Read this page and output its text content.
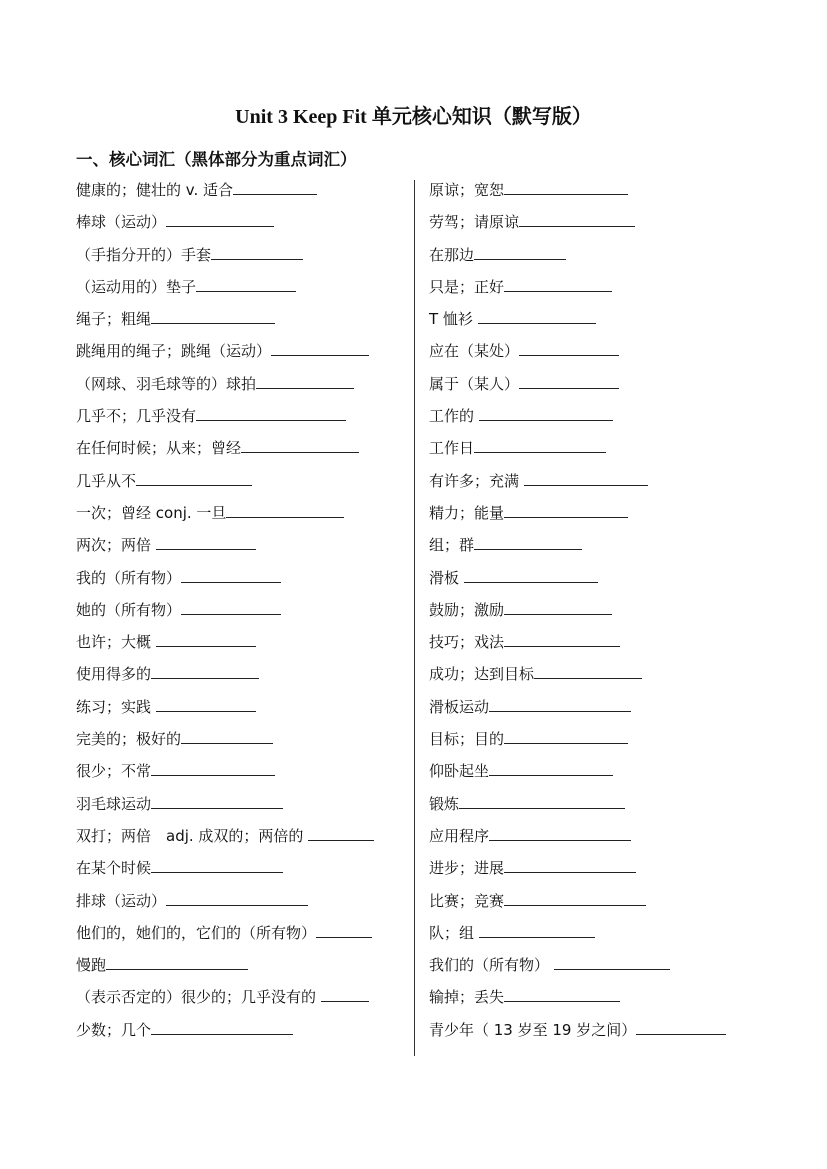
Unit 3 Keep Fit 单元核心知识（默写版）
一、核心词汇（黑体部分为重点词汇）
健康的；健壮的 v. 适合
棒球（运动）
（手指分开的）手套
（运动用的）垫子
绳子；粗绳
跳绳用的绳子；跳绳（运动）
（网球、羽毛球等的）球拍
几乎不；几乎没有
在任何时候；从来；曾经
几乎从不
一次；曾经 conj. 一旦
两次；两倍
我的（所有物）
她的（所有物）
也许；大概
使用得多的
练习；实践
完美的；极好的
很少；不常
羽毛球运动
双打；两倍　adj. 成双的；两倍的
在某个时候
排球（运动）
他们的，她们的，它们的（所有物）
慢跑
（表示否定的）很少的；几乎没有的
少数；几个
原谅；宽恕
劳驾；请原谅
在那边
只是；正好
T 恤衫
应在（某处）
属于（某人）
工作的
工作日
有许多；充满
精力；能量
组；群
滑板
鼓励；激励
技巧；戏法
成功；达到目标
滑板运动
目标；目的
仰卧起坐
锻炼
应用程序
进步；进展
比赛；竞赛
队；组
我们的（所有物）
输掉；丢失
青少年（ 13 岁至 19 岁之间）
